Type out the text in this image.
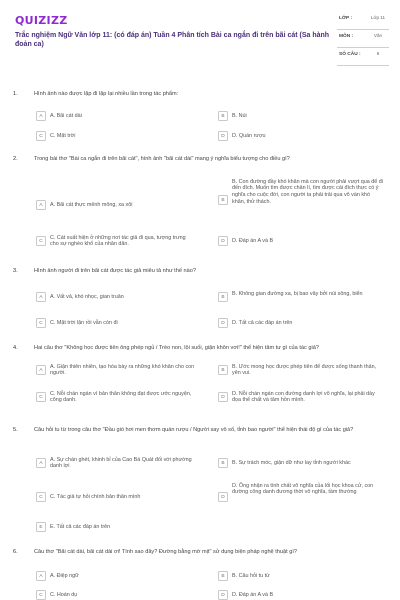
QUIZIZZ
Trắc nghiệm Ngữ Văn lớp 11: (có đáp án) Tuần 4 Phân tích Bài ca ngắn đi trên bãi cát (Sa hành đoản ca)
LỚP :	Lớp 11
MÔN :	Văn
SỐ CÂU :	6
1.	Hình ảnh nào được lặp đi lặp lại nhiều lần trong tác phẩm:
A	A. Bãi cát dài	B	B. Núi
C	C. Mặt trời	D	D. Quán rượu
2.	Trong bài thơ "Bài ca ngắn đi trên bãi cát", hình ảnh "bãi cát dài" mang ý nghĩa biểu tượng cho điều gì?
A	A. Bãi cát thực mênh mông, xa xôi
B
B. Con đường đầy khó khăn mà con người phải vượt qua để đi đến đích. Muốn tìm được chân lí, tìm được cái đích thực có ý nghĩa cho cuộc đời, con người ta phải trải qua vô vàn khó khăn, thử thách.
C
C. Cát xuất hiện ở những nơi tác giả đi qua, tượng trưng cho sự nghèo khổ của nhân dân.
D	D. Đáp án A và B
3.	Hình ảnh người đi trên bãi cát được tác giả miêu tả như thế nào?
A	A. Vất vả, khó nhọc, gian truân	B
B. Không gian đường xa, bị bao vây bởi núi sông, biển
C	C. Mặt trời lặn rồi vẫn còn đi	D	D. Tất cả các đáp án trên
4.	Hai câu thơ "Không học được tiên ông phép ngủ / Trèo non, lội suối, giận khôn vơi!" thể hiện tâm tư gì của tác giả?
A
A. Giận thiên nhiên, tạo hóa bày ra những khó khăn cho con người.
B
B. Ước mong học được phép tiên để được sống thanh thản, yên vui.
C
C. Nỗi chán ngán vì bản thân không đạt được ước nguyện, công danh.
D
D. Nỗi chán ngán con đường danh lợi vô nghĩa, lại phải dày đọa thể chất và tâm hồn mình.
5.	Câu hỏi tu từ trong câu thơ "Đầu gió hơi men thơm quán rượu / Người say vô số, tỉnh bao người" thể hiện thái độ gì của tác giả?
A
A. Sự chán ghét, khinh bỉ của Cao Bá Quát đối với phường danh lợi
B	B. Sự trách móc, giận dữ như lay tỉnh người khác
C	C. Tác giả tự hỏi chính bản thân mình	D
D. Ông nhận ra tính chất vô nghĩa của lối học khoa cử, con đường công danh đương thời vô nghĩa, tầm thường
E	E. Tất cả các đáp án trên
6.	Câu thơ "Bãi cát dài, bãi cát dài ơi! Tính sao đây? Đường bằng mờ mịt" sử dụng biện pháp nghệ thuật gì?
A	A. Điệp ngữ	B	B. Câu hỏi tu từ
C	C. Hoán dụ	D	D. Đáp án A và B
